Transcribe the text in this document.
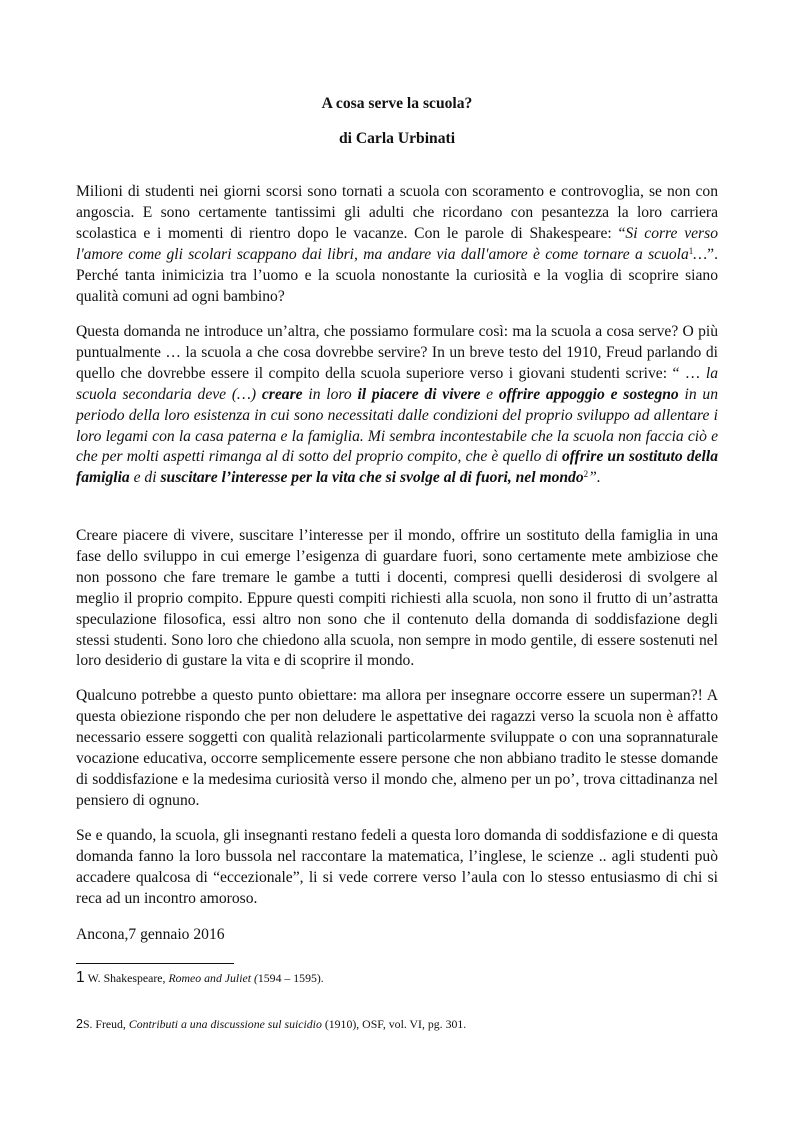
A cosa serve la scuola?
di Carla Urbinati

Milioni di studenti nei giorni scorsi sono tornati a scuola con scoramento e controvoglia, se non con angoscia. E sono certamente tantissimi gli adulti che ricordano con pesantezza la loro carriera scolastica e i momenti di rientro dopo le vacanze. Con le parole di Shakespeare: “Si corre verso l'amore come gli scolari scappano dai libri, ma andare via dall'amore è come tornare a scuola$^1$…”. Perché tanta inimicizia tra l’uomo e la scuola nonostante la curiosità e la voglia di scoprire siano qualità comuni ad ogni bambino?

Questa domanda ne introduce un’altra, che possiamo formulare così: ma la scuola a cosa serve? O più puntualmente … la scuola a che cosa dovrebbe servire? In un breve testo del 1910, Freud parlando di quello che dovrebbe essere il compito della scuola superiore verso i giovani studenti scrive: “ … la scuola secondaria deve (…) creare in loro il piacere di vivere e offrire appoggio e sostegno in un periodo della loro esistenza in cui sono necessitati dalle condizioni del proprio sviluppo ad allentare i loro legami con la casa paterna e la famiglia. Mi sembra incontestabile che la scuola non faccia ciò e che per molti aspetti rimanga al di sotto del proprio compito, che è quello di offrire un sostituto della famiglia e di suscitare l’interesse per la vita che si svolge al di fuori, nel mondo$^2$”.

Creare piacere di vivere, suscitare l’interesse per il mondo, offrire un sostituto della famiglia in una fase dello sviluppo in cui emerge l’esigenza di guardare fuori, sono certamente mete ambiziose che non possono che fare tremare le gambe a tutti i docenti, compresi quelli desiderosi di svolgere al meglio il proprio compito. Eppure questi compiti richiesti alla scuola, non sono il frutto di un’astratta speculazione filosofica, essi altro non sono che il contenuto della domanda di soddisfazione degli stessi studenti. Sono loro che chiedono alla scuola, non sempre in modo gentile, di essere sostenuti nel loro desiderio di gustare la vita e di scoprire il mondo.

Qualcuno potrebbe a questo punto obiettare: ma allora per insegnare occorre essere un superman?! A questa obiezione rispondo che per non deludere le aspettative dei ragazzi verso la scuola non è affatto necessario essere soggetti con qualità relazionali particolarmente sviluppate o con una soprannaturale vocazione educativa, occorre semplicemente essere persone che non abbiano tradito le stesse domande di soddisfazione e la medesima curiosità verso il mondo che, almeno per un po’, trova cittadinanza nel pensiero di ognuno.

Se e quando, la scuola, gli insegnanti restano fedeli a questa loro domanda di soddisfazione e di questa domanda fanno la loro bussola nel raccontare la matematica, l’inglese, le scienze .. agli studenti può accadere qualcosa di “eccezionale”, li si vede correre verso l’aula con lo stesso entusiasmo di chi si reca ad un incontro amoroso.

Ancona,7 gennaio 2016
1 W. Shakespeare, Romeo and Juliet (1594 – 1595).
2S. Freud, Contributi a una discussione sul suicidio (1910), OSF, vol. VI, pg. 301.
